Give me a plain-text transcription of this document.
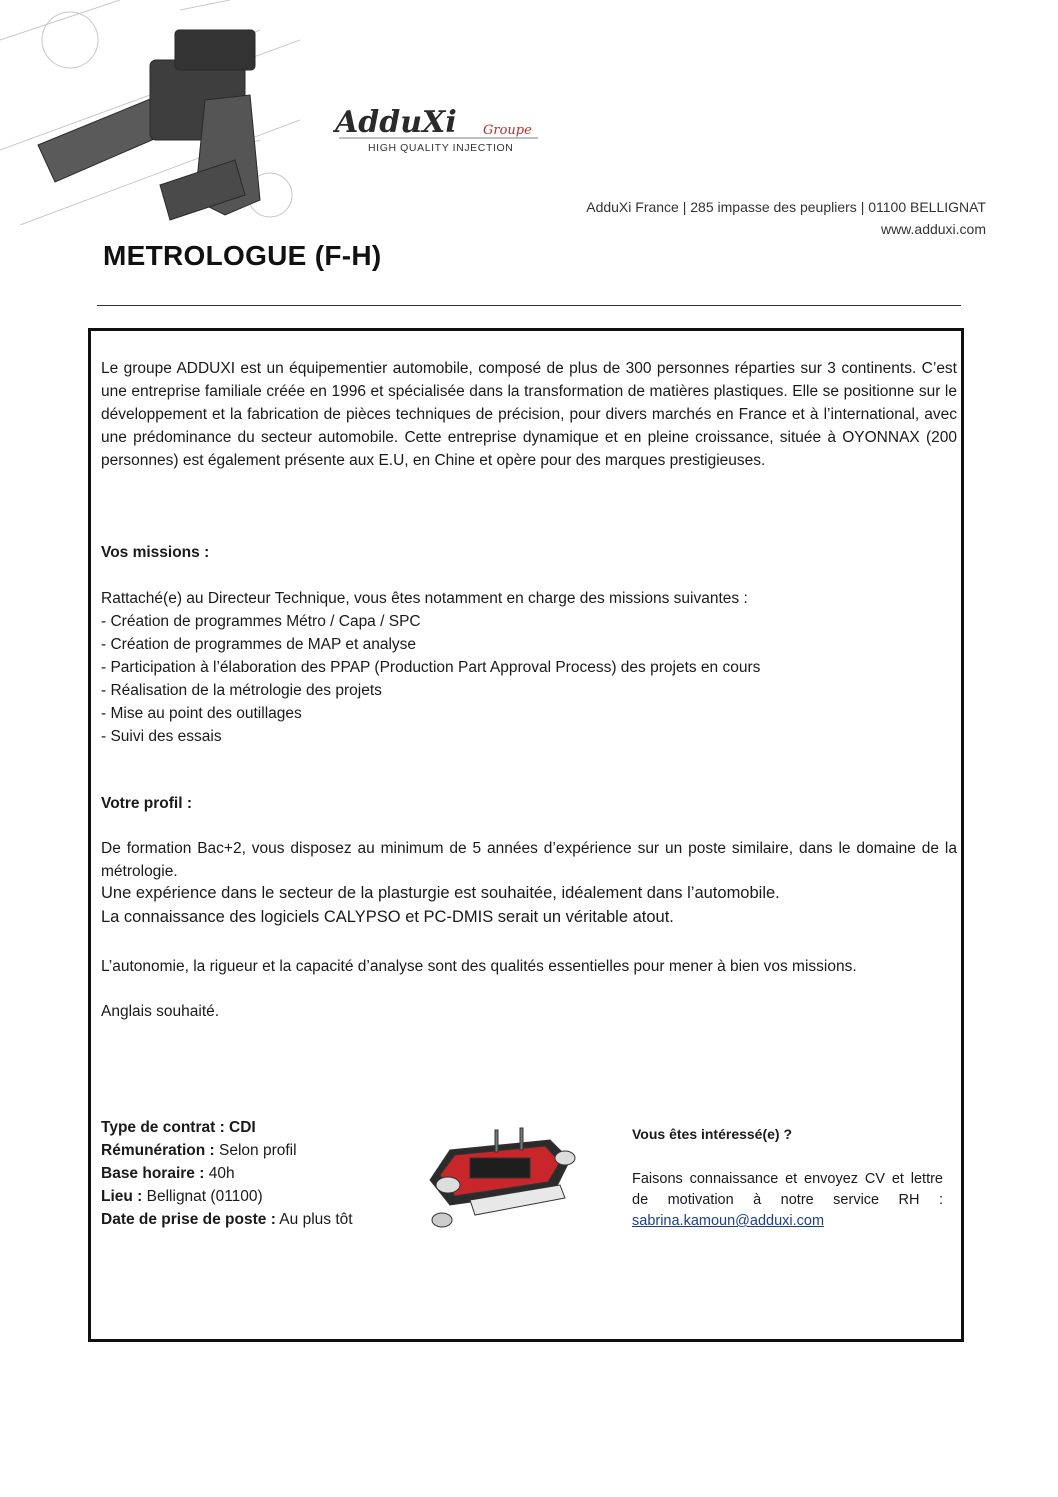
AdduXi Groupe
HIGH QUALITY INJECTION
AdduXi France | 285 impasse des peupliers | 01100 BELLIGNAT
www.adduxi.com
METROLOGUE (F-H)

Le groupe ADDUXI est un équipementier automobile, composé de plus de 300 personnes réparties sur 3 continents. C’est une entreprise familiale créée en 1996 et spécialisée dans la transformation de matières plastiques. Elle se positionne sur le développement et la fabrication de pièces techniques de précision, pour divers marchés en France et à l’international, avec une prédominance du secteur automobile. Cette entreprise dynamique et en pleine croissance, située à OYONNAX (200 personnes) est également présente aux E.U, en Chine et opère pour des marques prestigieuses.

Vos missions :

Rattaché(e) au Directeur Technique, vous êtes notamment en charge des missions suivantes :

- Création de programmes Métro / Capa / SPC
- Création de programmes de MAP et analyse
- Participation à l’élaboration des PPAP (Production Part Approval Process) des projets en cours
- Réalisation de la métrologie des projets
- Mise au point des outillages
- Suivi des essais

Votre profil :

De formation Bac+2, vous disposez au minimum de 5 années d’expérience sur un poste similaire, dans le domaine de la métrologie.

Une expérience dans le secteur de la plasturgie est souhaitée, idéalement dans l’automobile.

La connaissance des logiciels CALYPSO et PC-DMIS serait un véritable atout.

L’autonomie, la rigueur et la capacité d’analyse sont des qualités essentielles pour mener à bien vos missions.

Anglais souhaité.

Type de contrat : CDI
Rémunération : Selon profil
Base horaire : 40h
Lieu : Bellignat (01100)
Date de prise de poste : Au plus tôt
Vous êtes intéressé(e) ?

Faisons connaissance et envoyez CV et lettre de motivation à notre service RH : sabrina.kamoun@adduxi.com
